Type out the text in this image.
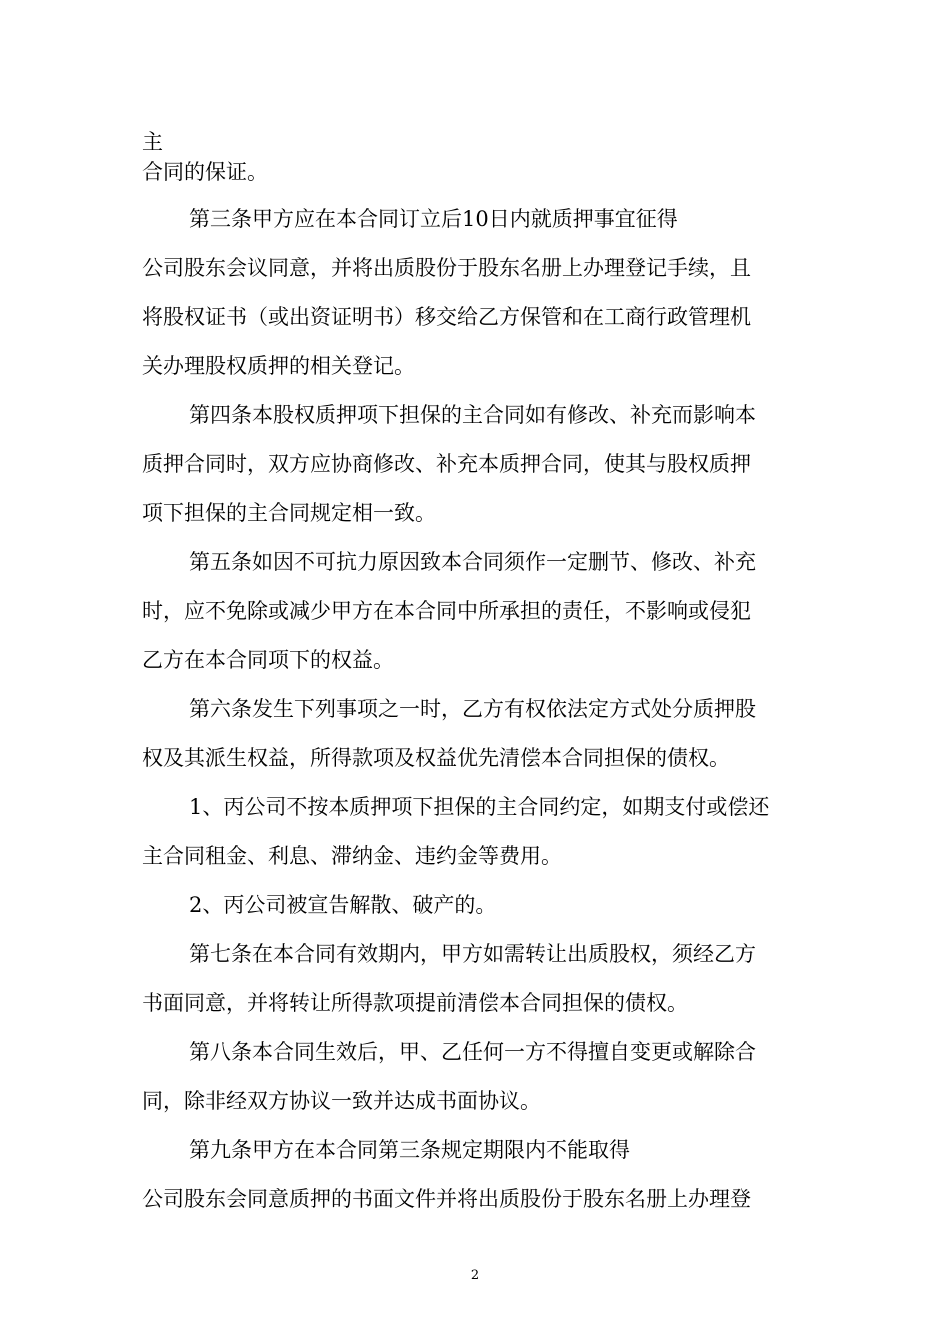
主
合同的保证。
第三条甲方应在本合同订立后10日内就质押事宜征得
公司股东会议同意，并将出质股份于股东名册上办理登记手续，且
将股权证书（或出资证明书）移交给乙方保管和在工商行政管理机
关办理股权质押的相关登记。
第四条本股权质押项下担保的主合同如有修改、补充而影响本
质押合同时，双方应协商修改、补充本质押合同，使其与股权质押
项下担保的主合同规定相一致。
第五条如因不可抗力原因致本合同须作一定删节、修改、补充
时，应不免除或减少甲方在本合同中所承担的责任，不影响或侵犯
乙方在本合同项下的权益。
第六条发生下列事项之一时，乙方有权依法定方式处分质押股
权及其派生权益，所得款项及权益优先清偿本合同担保的债权。
1、丙公司不按本质押项下担保的主合同约定，如期支付或偿还
主合同租金、利息、滞纳金、违约金等费用。
2、丙公司被宣告解散、破产的。
第七条在本合同有效期内，甲方如需转让出质股权，须经乙方
书面同意，并将转让所得款项提前清偿本合同担保的债权。
第八条本合同生效后，甲、乙任何一方不得擅自变更或解除合
同，除非经双方协议一致并达成书面协议。
第九条甲方在本合同第三条规定期限内不能取得
公司股东会同意质押的书面文件并将出质股份于股东名册上办理登
2
